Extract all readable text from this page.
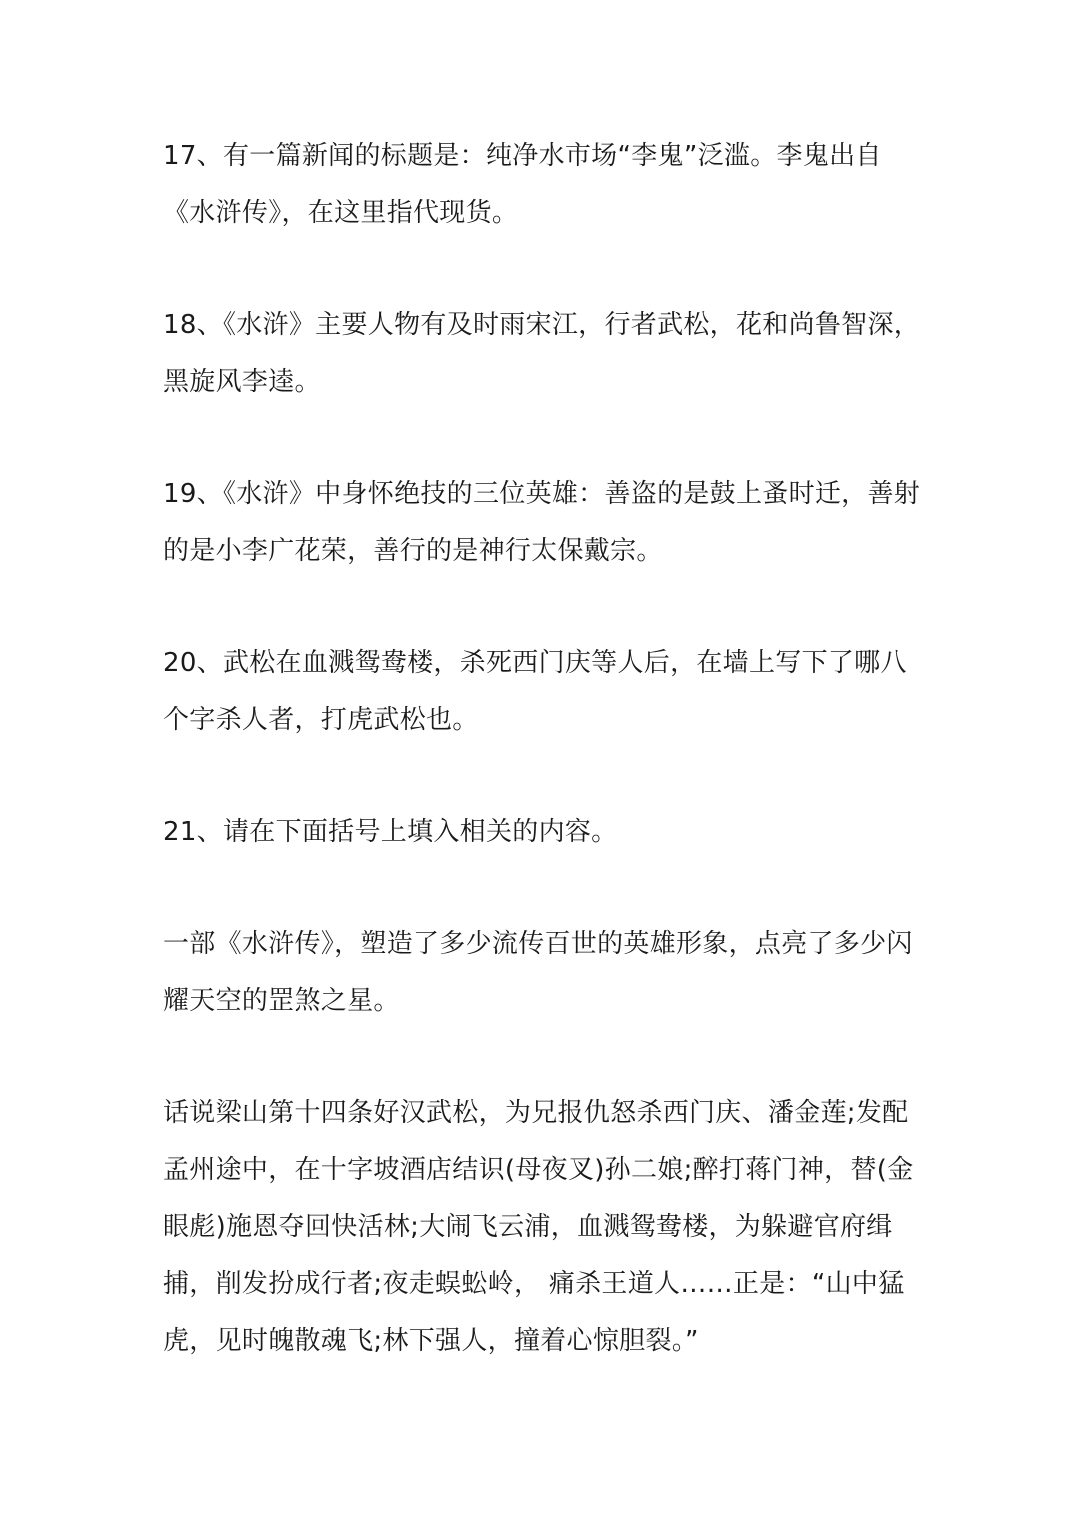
17、有一篇新闻的标题是：纯净水市场“李鬼”泛滥。李鬼出自《水浒传》，在这里指代现货。

18、《水浒》主要人物有及时雨宋江，行者武松，花和尚鲁智深，黑旋风李逵。

19、《水浒》中身怀绝技的三位英雄：善盗的是鼓上蚤时迁，善射的是小李广花荣，善行的是神行太保戴宗。

20、武松在血溅鸳鸯楼，杀死西门庆等人后，在墙上写下了哪八个字杀人者，打虎武松也。

21、请在下面括号上填入相关的内容。

一部《水浒传》，塑造了多少流传百世的英雄形象，点亮了多少闪耀天空的罡煞之星。

话说梁山第十四条好汉武松，为兄报仇怒杀西门庆、潘金莲;发配孟州途中，在十字坡酒店结识(母夜叉)孙二娘;醉打蒋门神，替(金眼彪)施恩夺回快活林;大闹飞云浦，血溅鸳鸯楼，为躲避官府缉捕，削发扮成行者;夜走蜈蚣岭， 痛杀王道人……正是：“山中猛虎，见时魄散魂飞;林下强人，撞着心惊胆裂。”
